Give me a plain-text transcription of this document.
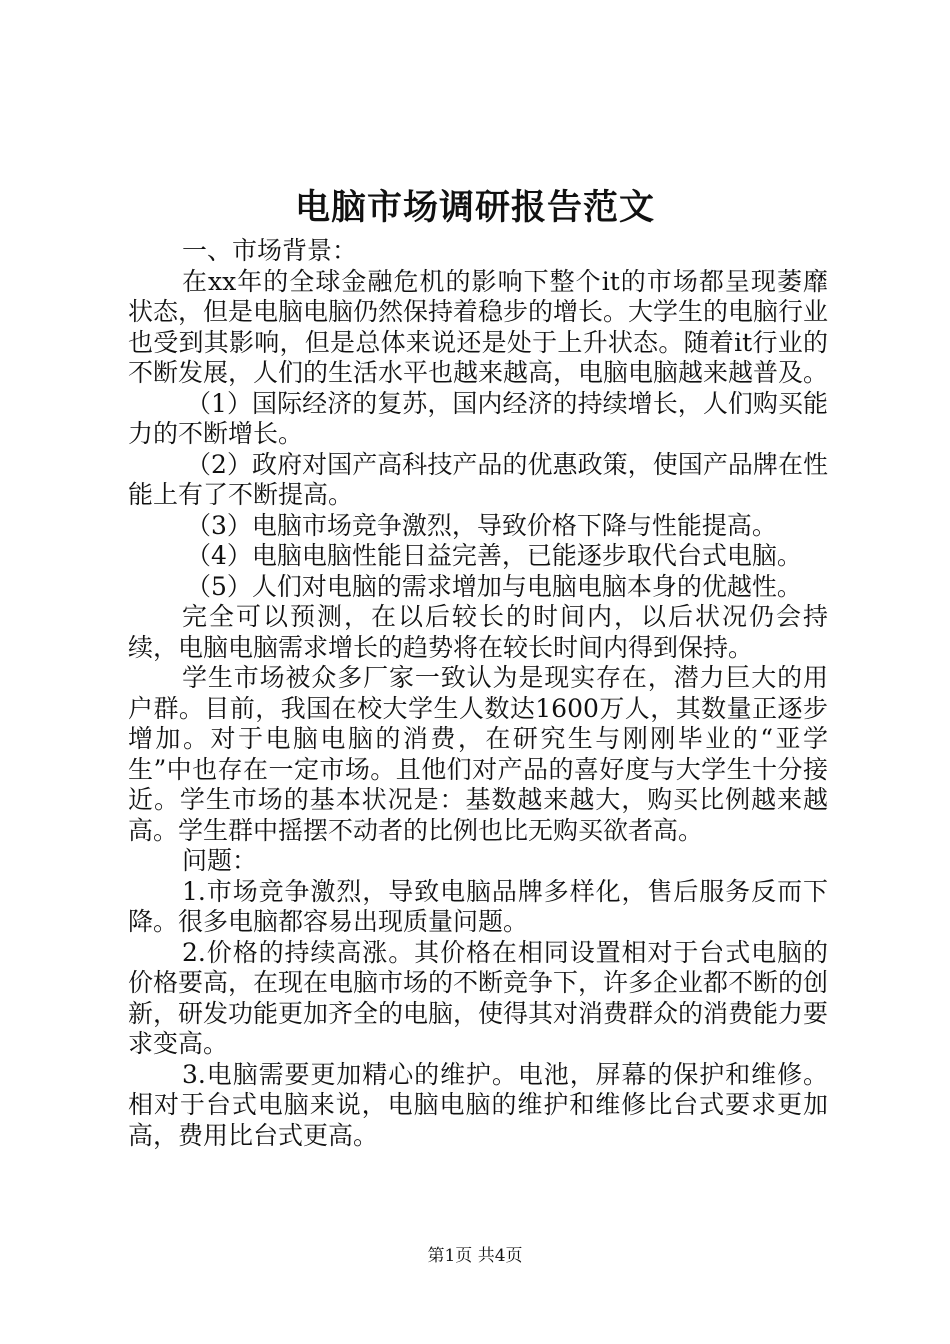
电脑市场调研报告范文

一、市场背景：

在xx年的全球金融危机的影响下整个it的市场都呈现萎靡状态，但是电脑电脑仍然保持着稳步的增长。大学生的电脑行业也受到其影响，但是总体来说还是处于上升状态。随着it行业的不断发展，人们的生活水平也越来越高，电脑电脑越来越普及。

（1）国际经济的复苏，国内经济的持续增长，人们购买能力的不断增长。

（2）政府对国产高科技产品的优惠政策，使国产品牌在性能上有了不断提高。

（3）电脑市场竞争激烈，导致价格下降与性能提高。

（4）电脑电脑性能日益完善，已能逐步取代台式电脑。

（5）人们对电脑的需求增加与电脑电脑本身的优越性。

完全可以预测，在以后较长的时间内，以后状况仍会持续，电脑电脑需求增长的趋势将在较长时间内得到保持。

学生市场被众多厂家一致认为是现实存在，潜力巨大的用户群。目前，我国在校大学生人数达1600万人，其数量正逐步增加。对于电脑电脑的消费，在研究生与刚刚毕业的“亚学生”中也存在一定市场。且他们对产品的喜好度与大学生十分接近。学生市场的基本状况是：基数越来越大，购买比例越来越高。学生群中摇摆不动者的比例也比无购买欲者高。

问题：

1.市场竞争激烈，导致电脑品牌多样化，售后服务反而下降。很多电脑都容易出现质量问题。

2.价格的持续高涨。其价格在相同设置相对于台式电脑的价格要高，在现在电脑市场的不断竞争下，许多企业都不断的创新，研发功能更加齐全的电脑，使得其对消费群众的消费能力要求变高。

3.电脑需要更加精心的维护。电池，屏幕的保护和维修。相对于台式电脑来说，电脑电脑的维护和维修比台式要求更加高，费用比台式更高。

第1页 共4页
